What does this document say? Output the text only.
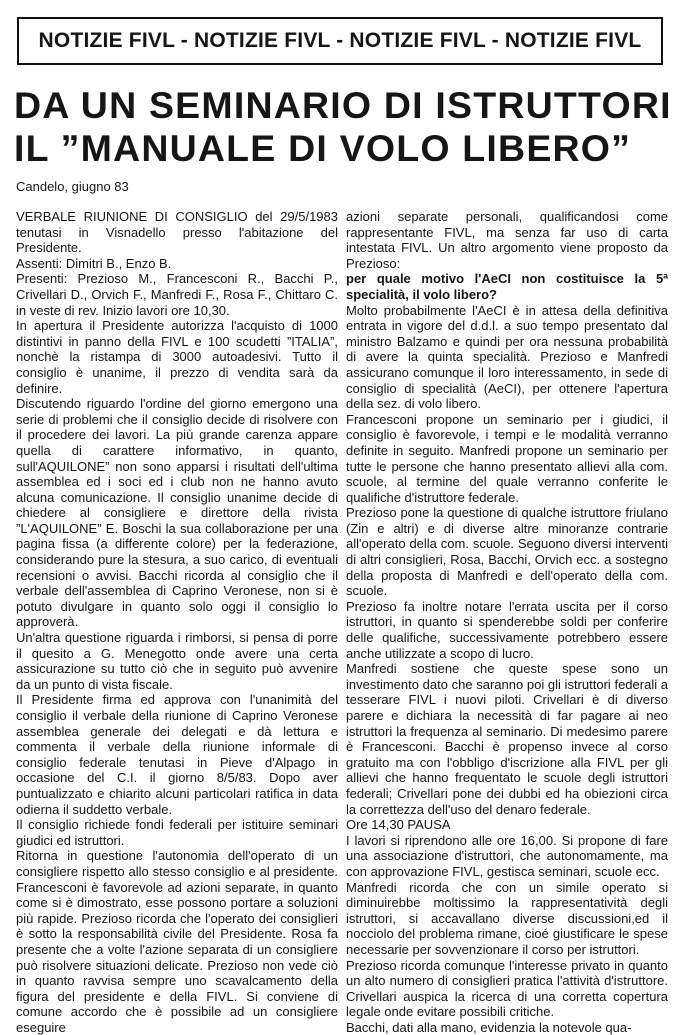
NOTIZIE FIVL - NOTIZIE FIVL - NOTIZIE FIVL - NOTIZIE FIVL
DA UN SEMINARIO DI ISTRUTTORI
IL ”MANUALE DI VOLO LIBERO”
Candelo, giugno 83

VERBALE RIUNIONE DI CONSIGLIO del 29/5/1983 tenutasi in Visnadello presso l'abitazione del Presidente.

Assenti: Dimitri B., Enzo B.

Presenti: Prezioso M., Francesconi R., Bacchi P., Crivellari D., Orvich F., Manfredi F., Rosa F., Chittaro C. in veste di rev. Inizio lavori ore 10,30.

In apertura il Presidente autorizza l'acquisto di 1000 distintivi in panno della FIVL e 100 scudetti ”ITALIA”, nonchè la ristampa di 3000 autoadesivi. Tutto il consiglio è unanime, il prezzo di vendita sarà da definire.

Discutendo riguardo l'ordine del giorno emergono una serie di problemi che il consiglio decide di risolvere con il procedere dei lavori. La più grande carenza appare quella di carattere informativo, in quanto, sull'AQUILONE” non sono apparsi i risultati dell'ultima assemblea ed i soci ed i club non ne hanno avuto alcuna comunicazione. Il consiglio unanime decide di chiedere al consigliere e direttore della rivista ”L'AQUILONE” E. Boschi la sua collaborazione per una pagina fissa (a differente colore) per la federazione, considerando pure la stesura, a suo carico, di eventuali recensioni o avvisi. Bacchi ricorda al consiglio che il verbale dell'assemblea di Caprino Veronese, non si è potuto divulgare in quanto solo oggi il consiglio lo approverà.

Un'altra questione riguarda i rimborsi, si pensa di porre il quesito a G. Menegotto onde avere una certa assicurazione su tutto ciò che in seguito può avvenire da un punto di vista fiscale.

Il Presidente firma ed approva con l'unanimità del consiglio il verbale della riunione di Caprino Veronese assemblea generale dei delegati e dà lettura e commenta il verbale della riunione informale di consiglio federale tenutasi in Pieve d'Alpago in occasione del C.I. il giorno 8/5/83. Dopo aver puntualizzato e chiarito alcuni particolari ratifica in data odierna il suddetto verbale.

Il consiglio richiede fondi federali per istituire seminari giudici ed istruttori.

Ritorna in questione l'autonomia dell'operato di un consigliere rispetto allo stesso consiglio e al presidente. Francesconi è favorevole ad azioni separate, in quanto come si è dimostrato, esse possono portare a soluzioni più rapide. Prezioso ricorda che l'operato dei consiglieri è sotto la responsabilità civile del Presidente. Rosa fa presente che a volte l'azione separata di un consigliere può risolvere situazioni delicate. Prezioso non vede ciò in quanto ravvisa sempre uno scavalcamento della figura del presidente e della FIVL. Si conviene di comune accordo che è possibile ad un consigliere eseguire

azioni separate personali, qualificandosi come rappresentante FIVL, ma senza far uso di carta intestata FIVL. Un altro argomento viene proposto da Prezioso:

per quale motivo l'AeCI non costituisce la 5ª specialità, il volo libero?

Molto probabilmente l'AeCI è in attesa della definitiva entrata in vigore del d.d.l. a suo tempo presentato dal ministro Balzamo e quindi per ora nessuna probabilità di avere la quinta specialità. Prezioso e Manfredi assicurano comunque il loro interessamento, in sede di consiglio di specialità (AeCI), per ottenere l'apertura della sez. di volo libero.

Francesconi propone un seminario per i giudici, il consiglio è favorevole, i tempi e le modalità verranno definite in seguito. Manfredi propone un seminario per tutte le persone che hanno presentato allievi alla com. scuole, al termine del quale verranno conferite le qualifiche d'istruttore federale.

Prezioso pone la questione di qualche istruttore friulano (Zin e altri) e di diverse altre minoranze contrarie all'operato della com. scuole. Seguono diversi interventi di altri consiglieri, Rosa, Bacchi, Orvich ecc. a sostegno della proposta di Manfredi e dell'operato della com. scuole.

Prezioso fa inoltre notare l'errata uscita per il corso istruttori, in quanto si spenderebbe soldi per conferire delle qualifiche, successivamente potrebbero essere anche utilizzate a scopo di lucro.

Manfredi sostiene che queste spese sono un investimento dato che saranno poi gli istruttori federali a tesserare FIVL i nuovi piloti. Crivellari è di diverso parere e dichiara la necessità di far pagare ai neo istruttori la frequenza al seminario. Di medesimo parere è Francesconi. Bacchi è propenso invece al corso gratuito ma con l'obbligo d'iscrizione alla FIVL per gli allievi che hanno frequentato le scuole degli istruttori federali; Crivellari pone dei dubbi ed ha obiezioni circa la correttezza dell'uso del denaro federale.

Ore 14,30 PAUSA

I lavori si riprendono alle ore 16,00. Si propone di fare una associazione d'istruttori, che autonomamente, ma con approvazione FIVL, gestisca seminari, scuole ecc.

Manfredi ricorda che con un simile operato si diminuirebbe moltissimo la rappresentatività degli istruttori, si accavallano diverse discussioni,ed il nocciolo del problema rimane, cioé giustificare le spese necessarie per sovvenzionare il corso per istruttori.

Prezioso ricorda comunque l'interesse privato in quanto un alto numero di consiglieri pratica l'attività d'istruttore. Crivellari auspica la ricerca di una corretta copertura legale onde evitare possibili critiche.

Bacchi, dati alla mano, evidenzia la notevole qua-
